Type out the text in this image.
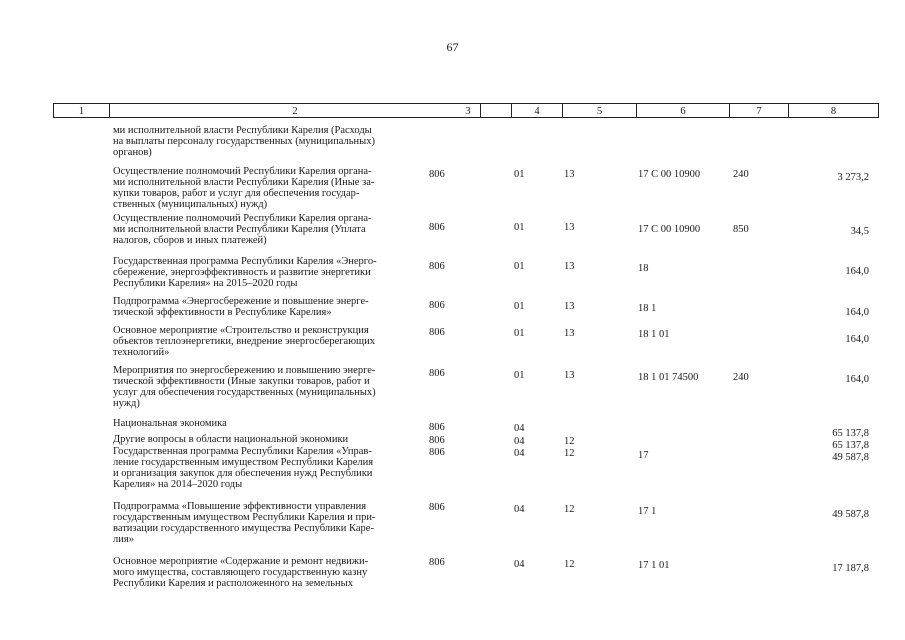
67
1	2	3	4	5	6	7	8
ми исполнительной власти Республики Карелия (Расходы
на выплаты персоналу государственных (муниципальных)
органов)
Осуществление полномочий Республики Карелия органа-
ми исполнительной власти Республики Карелия (Иные за-
купки товаров, работ и услуг для обеспечения государ-
ственных (муниципальных) нужд)
806	01	13	17 С 00 10900	240	3 273,2
Осуществление полномочий Республики Карелия органа-
ми исполнительной власти Республики Карелия (Уплата
налогов, сборов и иных платежей)
806	01	13	17 С 00 10900	850	34,5
Государственная программа Республики Карелия «Энерго-
сбережение, энергоэффективность и развитие энергетики
Республики Карелия» на 2015–2020 годы
806	01	13	18	164,0
Подпрограмма «Энергосбережение и повышение энерге-
тической эффективности в Республике Карелия»
806	01	13	18 1	164,0
Основное мероприятие «Строительство и реконструкция
объектов теплоэнергетики, внедрение энергосберегающих
технологий»
806	01	13	18 1 01	164,0
Мероприятия по энергосбережению и повышению энерге-
тической эффективности (Иные закупки товаров, работ и
услуг для обеспечения государственных (муниципальных)
нужд)
806	01	13	18 1 01 74500	240	164,0
Национальная экономика	806	04	65 137,8
Другие вопросы в области национальной экономики	806	04	12	65 137,8
Государственная программа Республики Карелия «Управ-
ление государственным имуществом Республики Карелия
и организация закупок для обеспечения нужд Республики
Карелия» на 2014–2020 годы
806	04	12	17	49 587,8
Подпрограмма «Повышение эффективности управления
государственным имуществом Республики Карелия и при-
ватизации государственного имущества Республики Каре-
лия»
806	04	12	17 1	49 587,8
Основное мероприятие «Содержание и ремонт недвижи-
мого имущества, составляющего государственную казну
Республики Карелия и расположенного на земельных
806	04	12	17 1 01	17 187,8
